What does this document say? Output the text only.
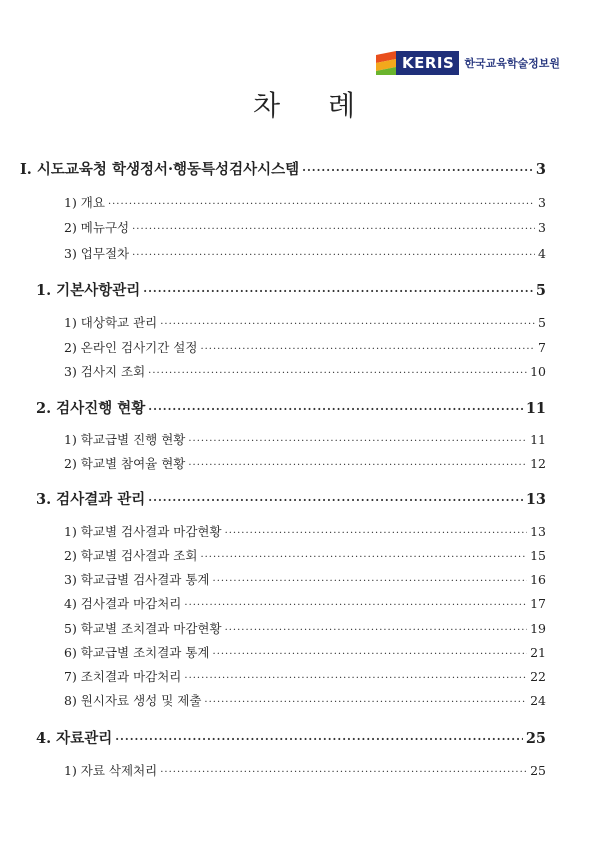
KERIS 한국교육학술정보원
차례
Ⅰ. 시도교육청 학생정서·행동특성검사시스템 ·····	3
1) 개요 ·····	3
2) 메뉴구성 ·····	3
3) 업무절차 ·····	4
1. 기본사항관리 ·····	5
1) 대상학교 관리 ·····	5
2) 온라인 검사기간 설정 ·····	7
3) 검사지 조회 ·····	10
2. 검사진행 현황 ·····	11
1) 학교급별 진행 현황 ·····	11
2) 학교별 참여율 현황 ·····	12
3. 검사결과 관리 ·····	13
1) 학교별 검사결과 마감현황 ·····	13
2) 학교별 검사결과 조회 ·····	15
3) 학교급별 검사결과 통계 ·····	16
4) 검사결과 마감처리 ·····	17
5) 학교별 조치결과 마감현황 ·····	19
6) 학교급별 조치결과 통계 ·····	21
7) 조치결과 마감처리 ·····	22
8) 원시자료 생성 및 제출 ·····	24
4. 자료관리 ·····	25
1) 자료 삭제처리 ·····	25
